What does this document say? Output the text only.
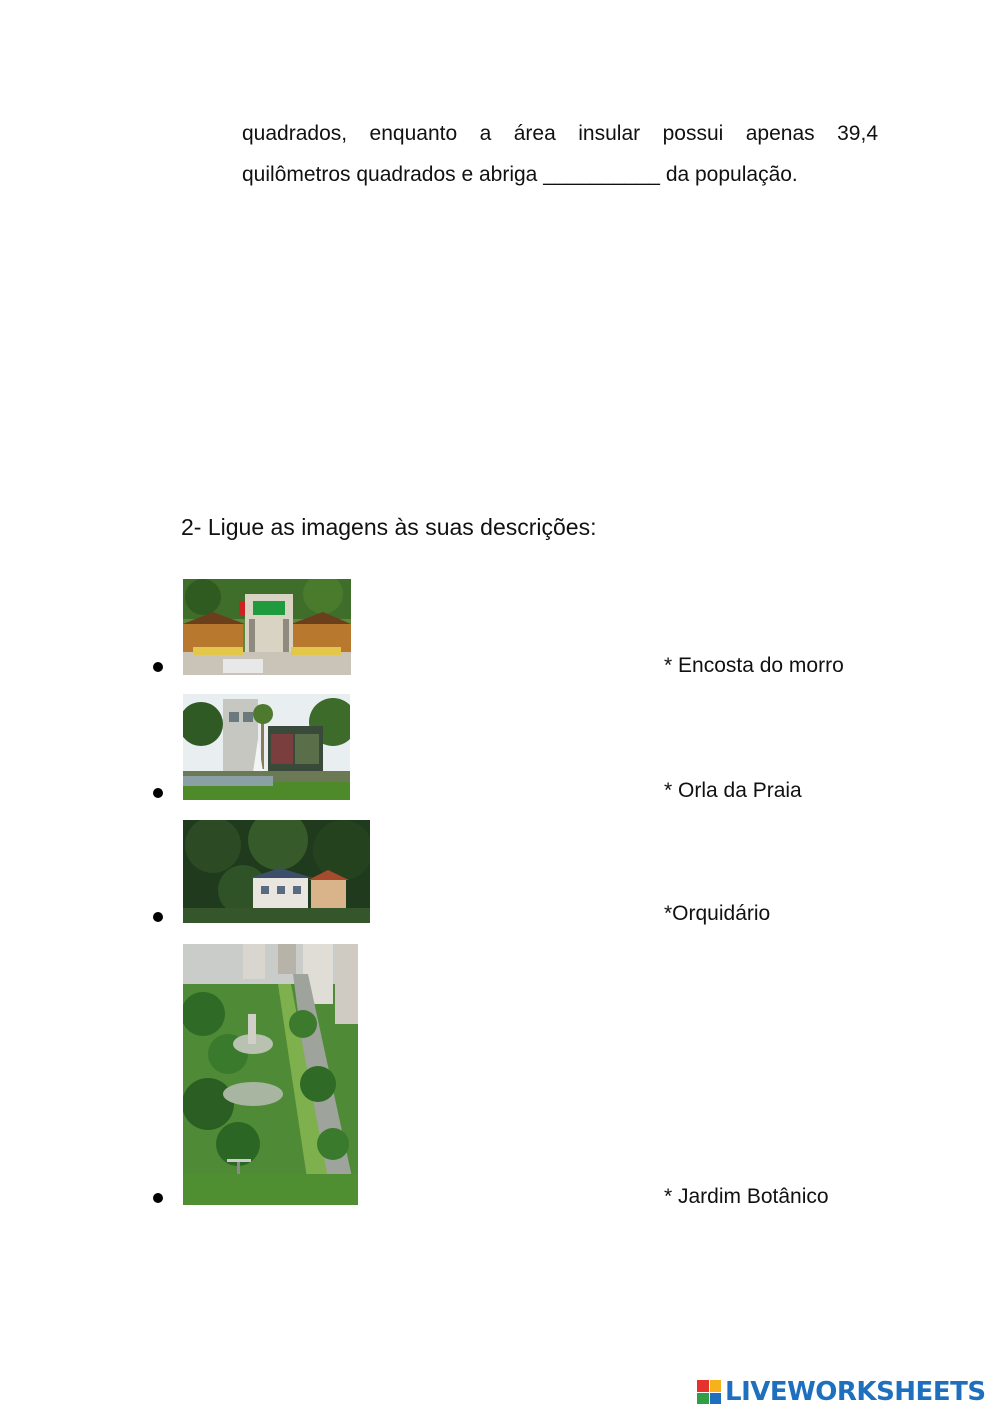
quadrados, enquanto a área insular possui apenas 39,4
quilômetros quadrados e abriga __________ da população.
2- Ligue as imagens às suas descrições:
* Encosta do morro
* Orla da Praia
*Orquidário
* Jardim Botânico
LIVEWORKSHEETS
